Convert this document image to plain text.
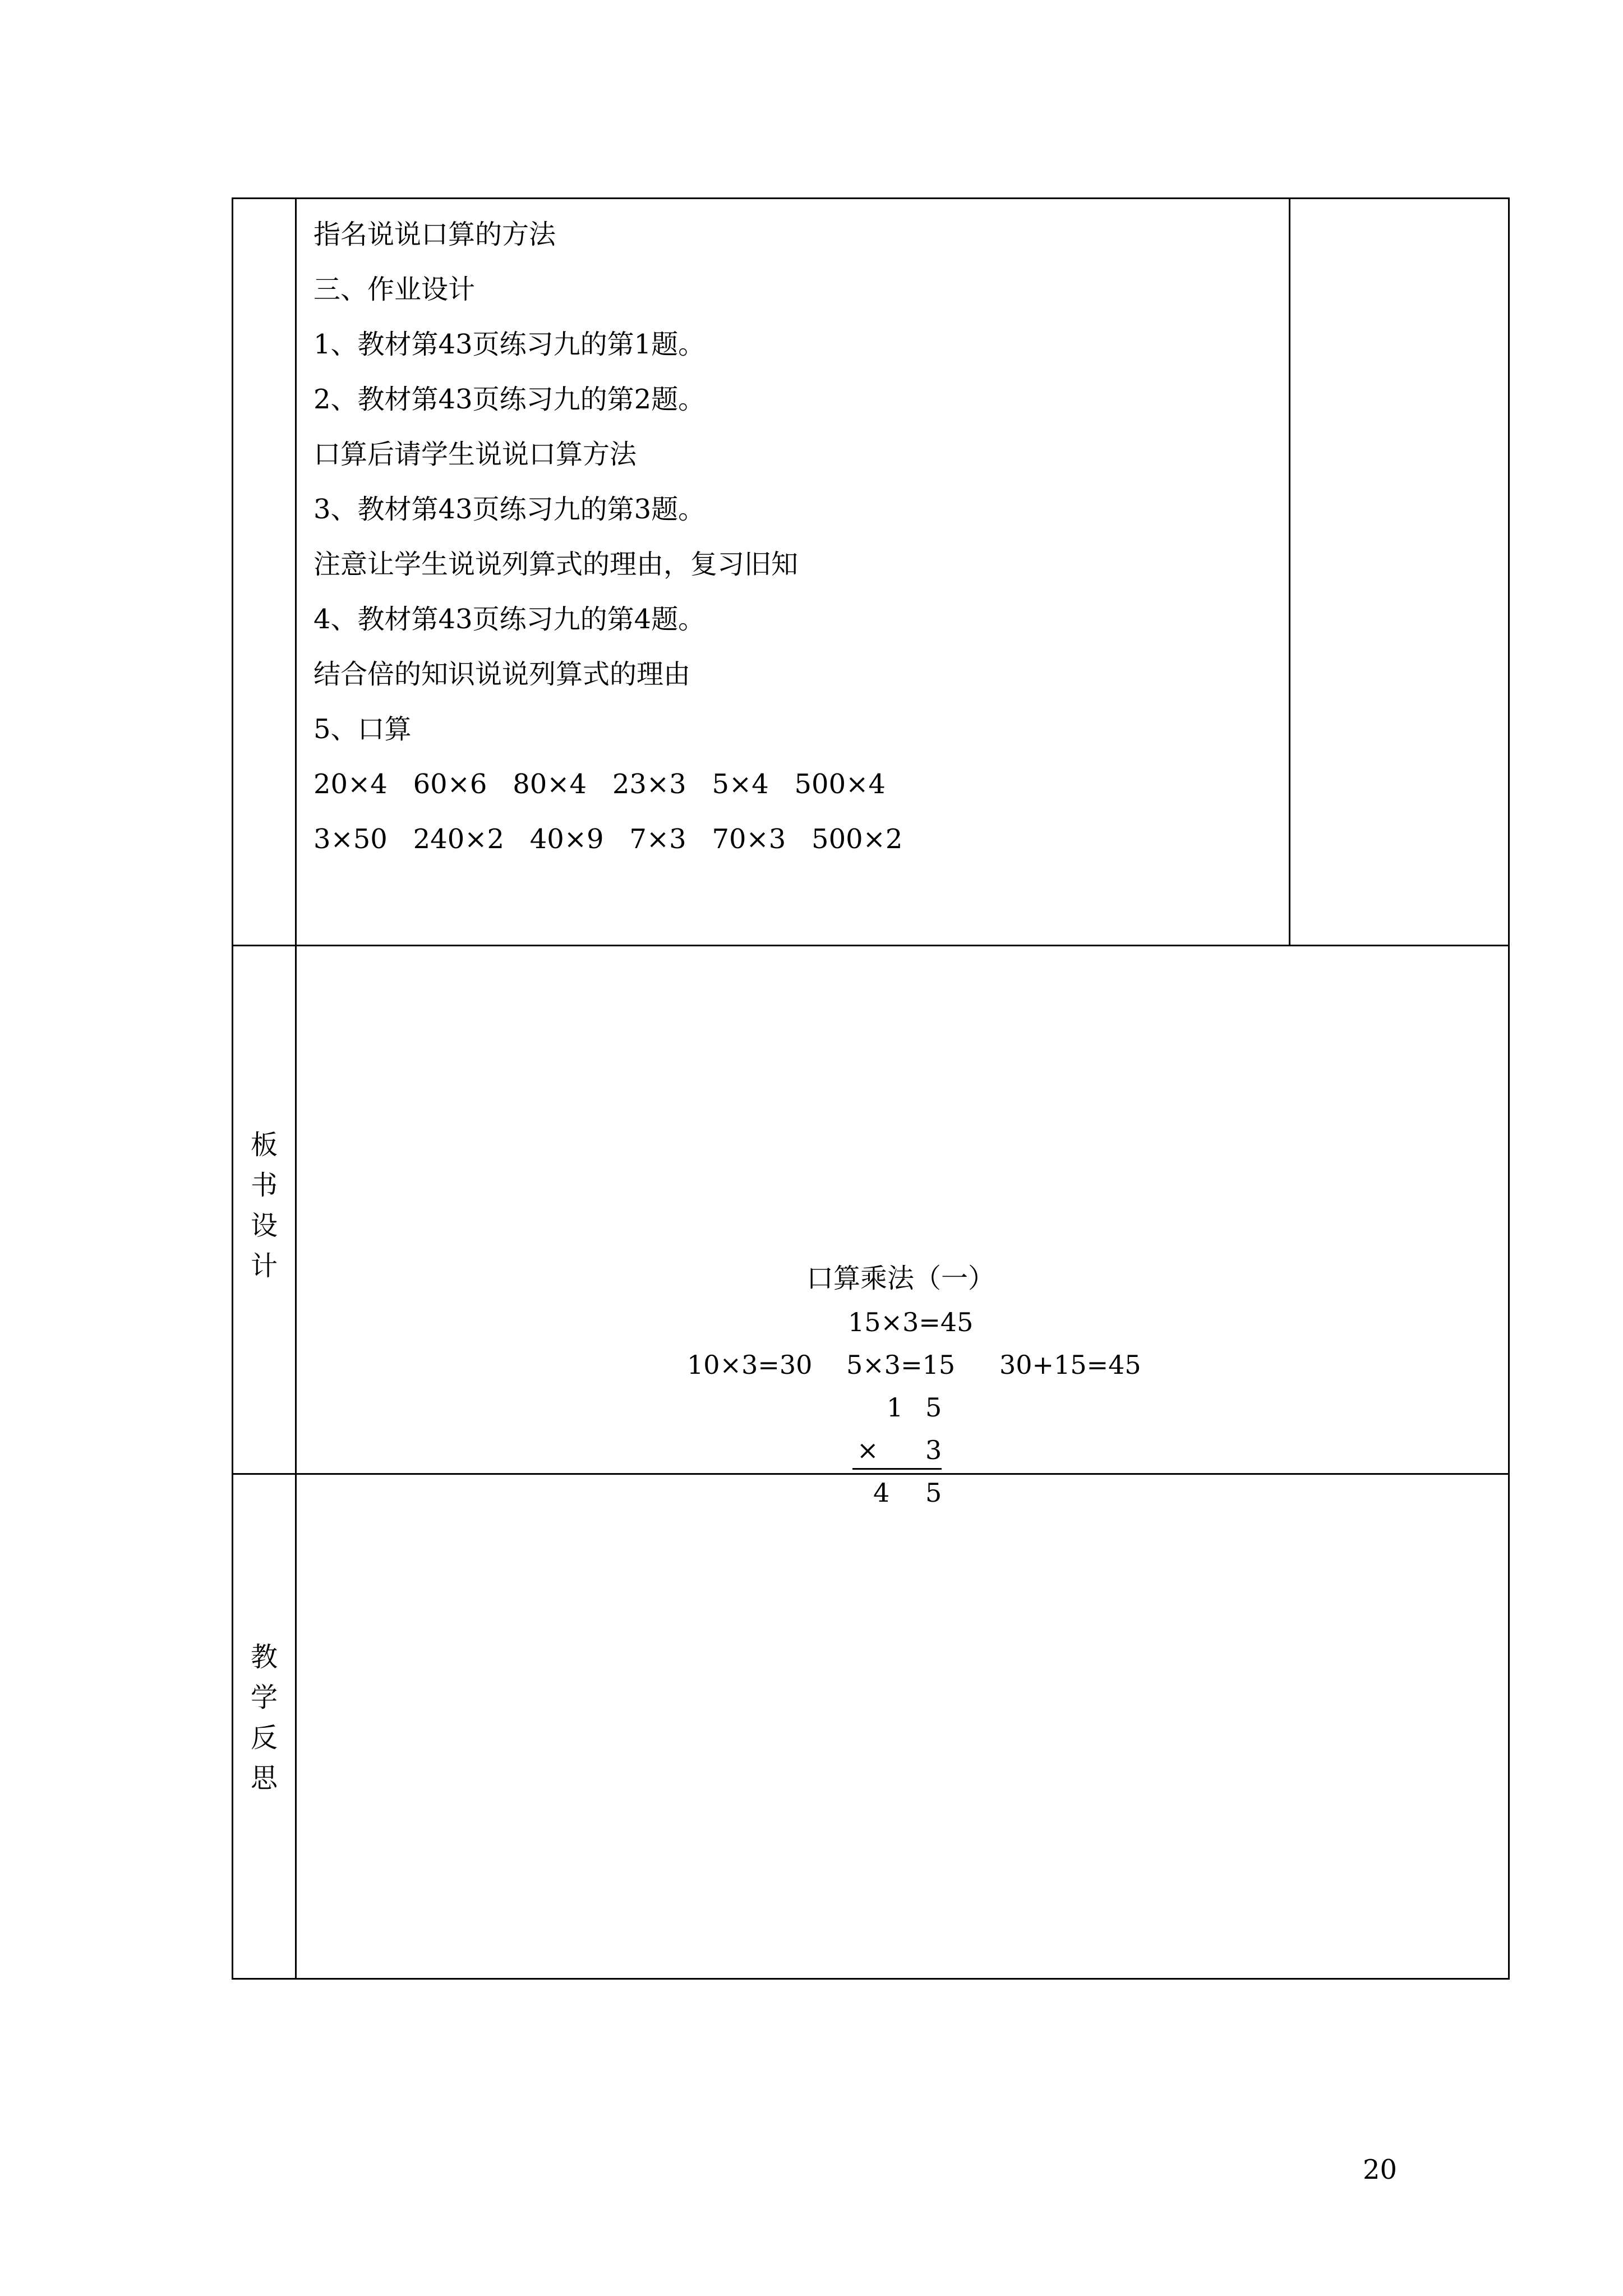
指名说说口算的方法
三、作业设计
1、教材第43页练习九的第1题。
2、教材第43页练习九的第2题。
口算后请学生说说口算方法
3、教材第43页练习九的第3题。
注意让学生说说列算式的理由，复习旧知
4、教材第43页练习九的第4题。
结合倍的知识说说列算式的理由
5、口算
20×4   60×6   80×4   23×3   5×4   500×4
3×50   240×2   40×9   7×3   70×3   500×2
板
书
设
计	口算乘法（一）
15×3=45
10×3=30 5×3=15 30+15=45
1 5
× 3
4 5
教
学
反
思
20
